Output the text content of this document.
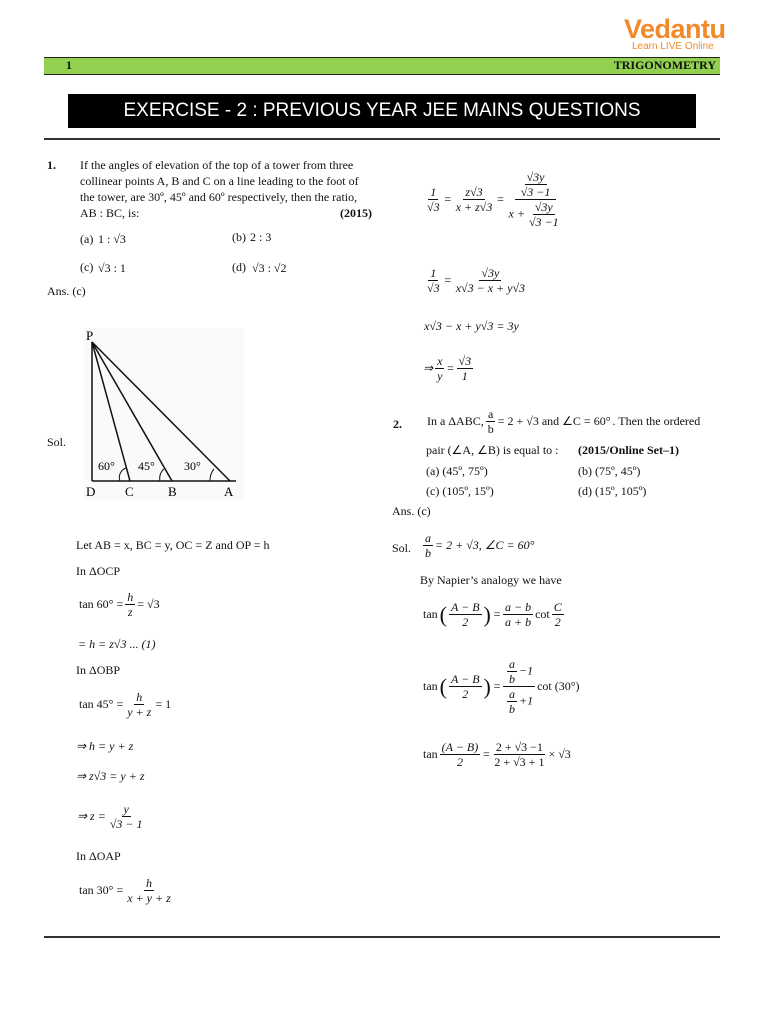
Vedantu
Learn LIVE Online
1	TRIGONOMETRY
EXERCISE - 2 : PREVIOUS YEAR JEE MAINS QUESTIONS
1. If the angles of elevation of the top of a tower from three
collinear points A, B and C on a line leading to the foot of
the tower, are 30º, 45º and 60º respectively, then the ratio,
AB : BC, is:	(2015)
(a) 1 : √3	(b) 2 : 3
(c) √3 : 1	(d) √3 : √2
Ans. (c)
Sol.
P
60° 45° 30°
D C	B	A
Let AB = x, BC = y, OC = Z and OP = h
In ΔOCP
$\tan 60^\circ = \frac{h}{z} = √3$
= h = z√3 ... (1)
In ΔOBP
$\tan 45^\circ = \frac{h}{y + z} = 1$
⇒ h = y + z
⇒ z√3 = y + z
⇒ $z = \frac{y}{√3 - 1}$
In ΔOAP
$\tan 30^\circ = \frac{h}{x + y + z}$
$\frac{1}{√3} = \frac{z√3}{x + z√3} = \frac{\frac{√3y}{√3 -1}}{x + \frac{√3y}{√3 -1}}$
$\frac{1}{√3} = \frac{√3y}{x√3 - x + y√3}$
x√3 − x + y√3 = 3y
⇒ $\frac{x}{y} = \frac{√3}{1}$
2. In a ΔABC, $\frac{a}{b} = 2 + √3$ and ∠C = 60° . Then the ordered
pair (∠A, ∠B) is equal to : (2015/Online Set–1)
(a) (45º, 75º)	(b) (75º, 45º)
(c) (105º, 15º)	(d) (15º, 105º)
Ans. (c)
Sol. $\frac{a}{b} = 2 + √3$, ∠C = 60°
By Napier’s analogy we have
tan ( $\frac{A - B}{2}$ ) = $\frac{a - b}{a + b}$ $\cot \frac{C}{2}$
tan ( $\frac{A - B}{2}$ ) = $\frac{\frac{a}{b} -1}{\frac{a}{b} +1}$ cot (30°)
$\tan \frac{(A - B)}{2} = \frac{2 + √3 -1}{2 + √3 + 1} \times √3$
